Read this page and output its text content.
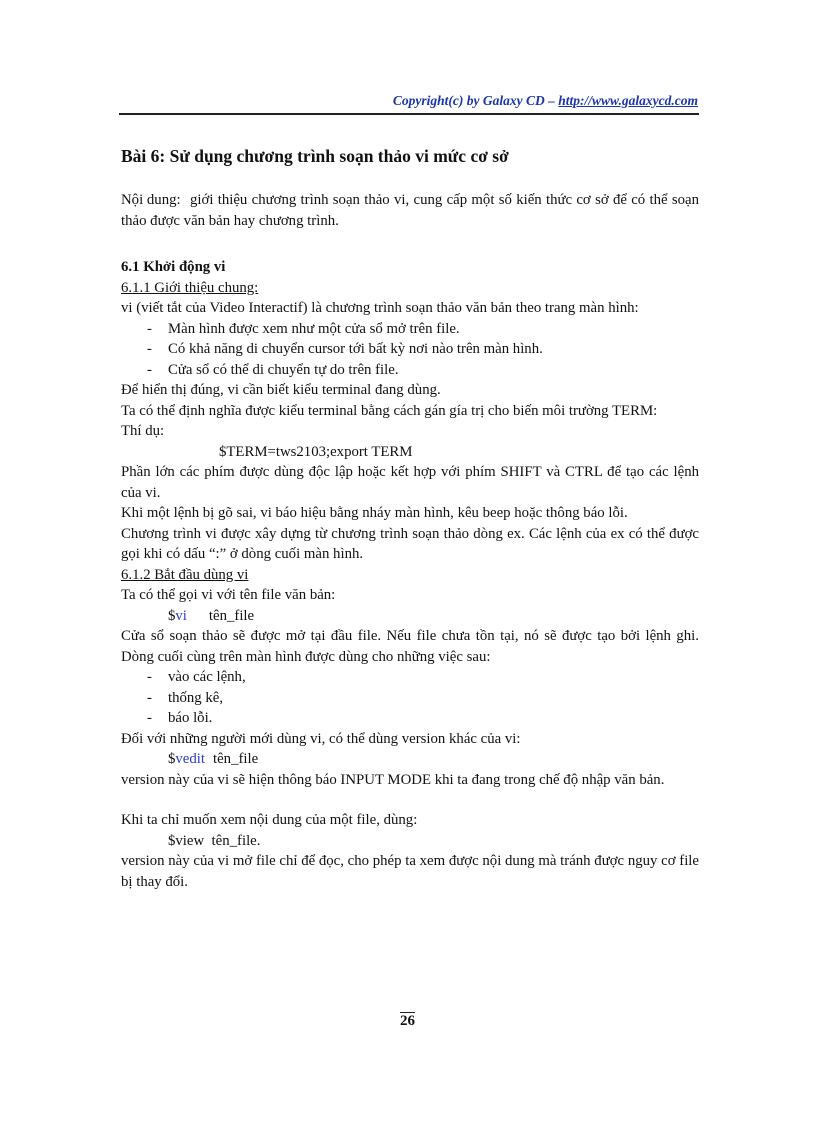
Copyright(c) by Galaxy CD – http://www.galaxycd.com
Bài 6: Sử dụng chương trình soạn thảo vi mức cơ sở
Nội dung: giới thiệu chương trình soạn thảo vi, cung cấp một số kiến thức cơ sở để có thể soạn thảo được văn bản hay chương trình.

6.1 Khởi động vi
6.1.1 Giới thiệu chung:

vi (viết tắt của Video Interactif) là chương trình soạn thảo văn bản theo trang màn hình:

- Màn hình được xem như một cửa sổ mở trên file.
- Có khả năng di chuyển cursor tới bất kỳ nơi nào trên màn hình.
- Cửa sổ có thể di chuyển tự do trên file.

Để hiển thị đúng, vi cần biết kiểu terminal đang dùng.

Ta có thể định nghĩa được kiểu terminal bằng cách gán gía trị cho biến môi trường TERM:

Thí dụ:

$TERM=tws2103;export TERM

Phần lớn các phím được dùng độc lập hoặc kết hợp với phím SHIFT và CTRL để tạo các lệnh của vi.

Khi một lệnh bị gõ sai, vi báo hiệu bằng nháy màn hình, kêu beep hoặc thông báo lỗi.

Chương trình vi được xây dựng từ chương trình soạn thảo dòng ex. Các lệnh của ex có thể được gọi khi có dấu “:” ở dòng cuối màn hình.

6.1.2 Bắt đầu dùng vi

Ta có thể gọi vi với tên file văn bản:

$vi tên_file

Cửa sổ soạn thảo sẽ được mở tại đầu file. Nếu file chưa tồn tại, nó sẽ được tạo bởi lệnh ghi. Dòng cuối cùng trên màn hình được dùng cho những việc sau:

- vào các lệnh,
- thống kê,
- báo lỗi.

Đối với những người mới dùng vi, có thể dùng version khác của vi:

$vedit tên_file

version này của vi sẽ hiện thông báo INPUT MODE khi ta đang trong chế độ nhập văn bản.

Khi ta chỉ muốn xem nội dung của một file, dùng:

$view  tên_file.

version này của vi mở file chỉ để đọc, cho phép ta xem được nội dung mà tránh được nguy cơ file bị thay đổi.

26
